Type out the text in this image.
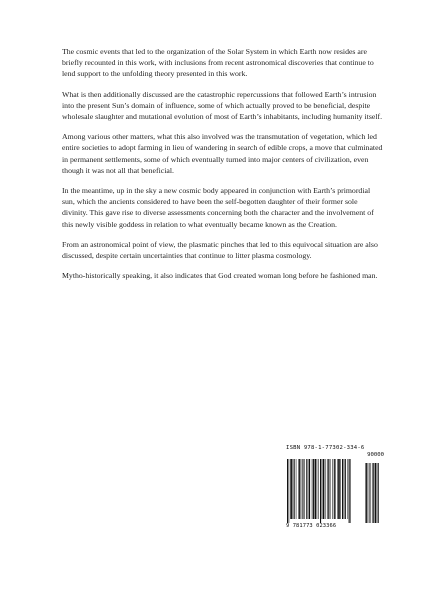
The cosmic events that led to the organization of the Solar System in which Earth now resides are briefly recounted in this work, with inclusions from recent astronomical discoveries that continue to lend support to the unfolding theory presented in this work.

What is then additionally discussed are the catastrophic repercussions that followed Earth’s intrusion into the present Sun’s domain of influence, some of which actually proved to be beneficial, despite wholesale slaughter and mutational evolution of most of Earth’s inhabitants, including humanity itself.

Among various other matters, what this also involved was the transmutation of vegetation, which led entire societies to adopt farming in lieu of wandering in search of edible crops, a move that culminated in permanent settlements, some of which eventually turned into major centers of civilization, even though it was not all that beneficial.

In the meantime, up in the sky a new cosmic body appeared in conjunction with Earth’s primordial sun, which the ancients considered to have been the self-begotten daughter of their former sole divinity. This gave rise to diverse assessments concerning both the character and the involvement of this newly visible goddess in relation to what eventually became known as the Creation.

From an astronomical point of view, the plasmatic pinches that led to this equivocal situation are also discussed, despite certain uncertainties that continue to litter plasma cosmology.

Mytho-historically speaking, it also indicates that God created woman long before he fashioned man.

ISBN 978-1-77302-334-6
90000
9 781773 023366
